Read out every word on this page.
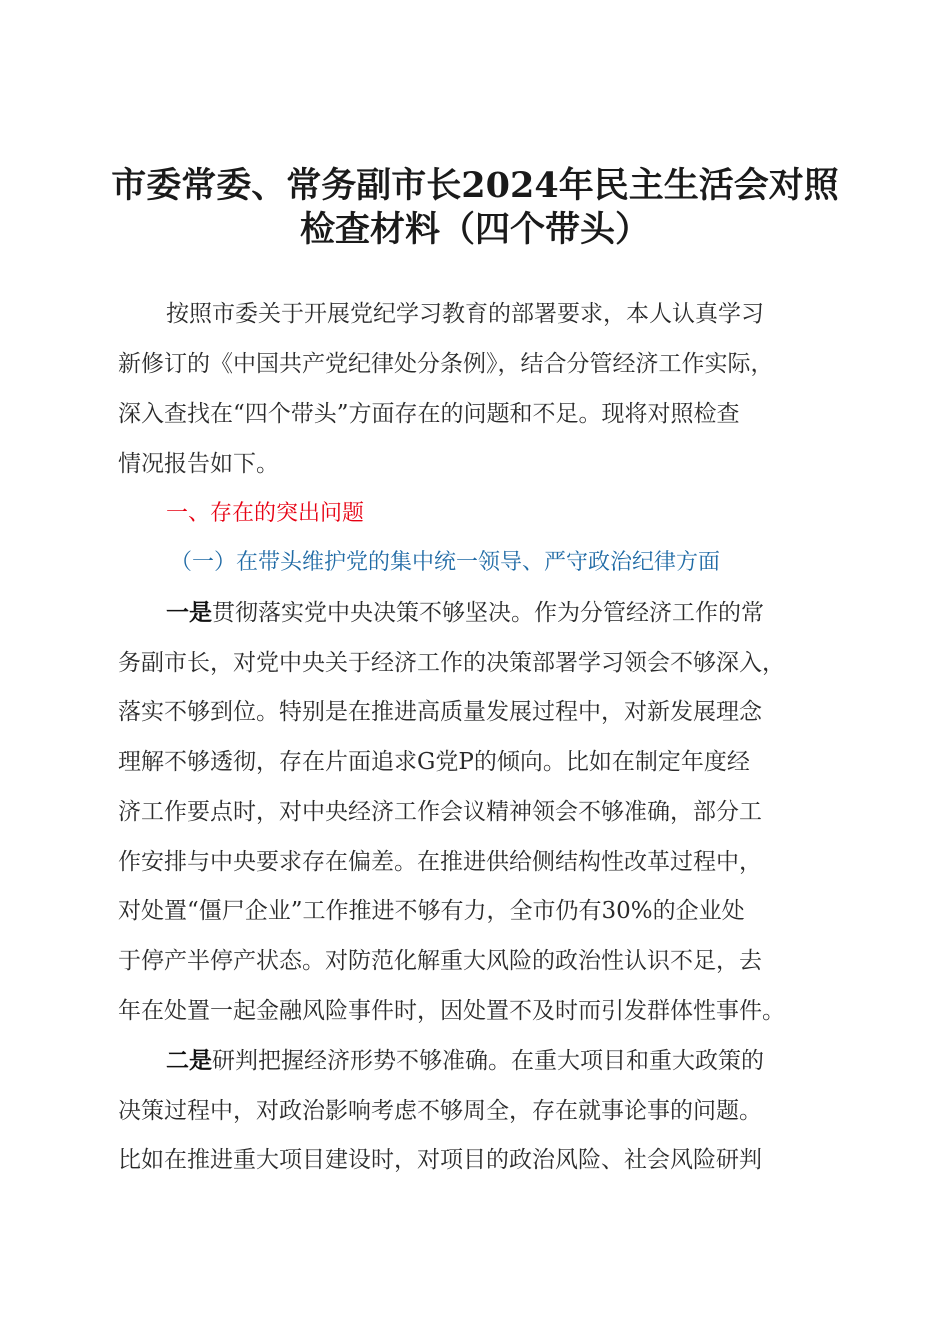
市委常委、常务副市长2024年民主生活会对照
检查材料（四个带头）
按照市委关于开展党纪学习教育的部署要求，本人认真学习
新修订的《中国共产党纪律处分条例》，结合分管经济工作实际，
深入查找在“四个带头”方面存在的问题和不足。现将对照检查
情况报告如下。
一、存在的突出问题
（一）在带头维护党的集中统一领导、严守政治纪律方面
一是贯彻落实党中央决策不够坚决。作为分管经济工作的常
务副市长，对党中央关于经济工作的决策部署学习领会不够深入，
落实不够到位。特别是在推进高质量发展过程中，对新发展理念
理解不够透彻，存在片面追求G党P的倾向。比如在制定年度经
济工作要点时，对中央经济工作会议精神领会不够准确，部分工
作安排与中央要求存在偏差。在推进供给侧结构性改革过程中，
对处置“僵尸企业”工作推进不够有力，全市仍有30%的企业处
于停产半停产状态。对防范化解重大风险的政治性认识不足，去
年在处置一起金融风险事件时，因处置不及时而引发群体性事件。
二是研判把握经济形势不够准确。在重大项目和重大政策的
决策过程中，对政治影响考虑不够周全，存在就事论事的问题。
比如在推进重大项目建设时，对项目的政治风险、社会风险研判
